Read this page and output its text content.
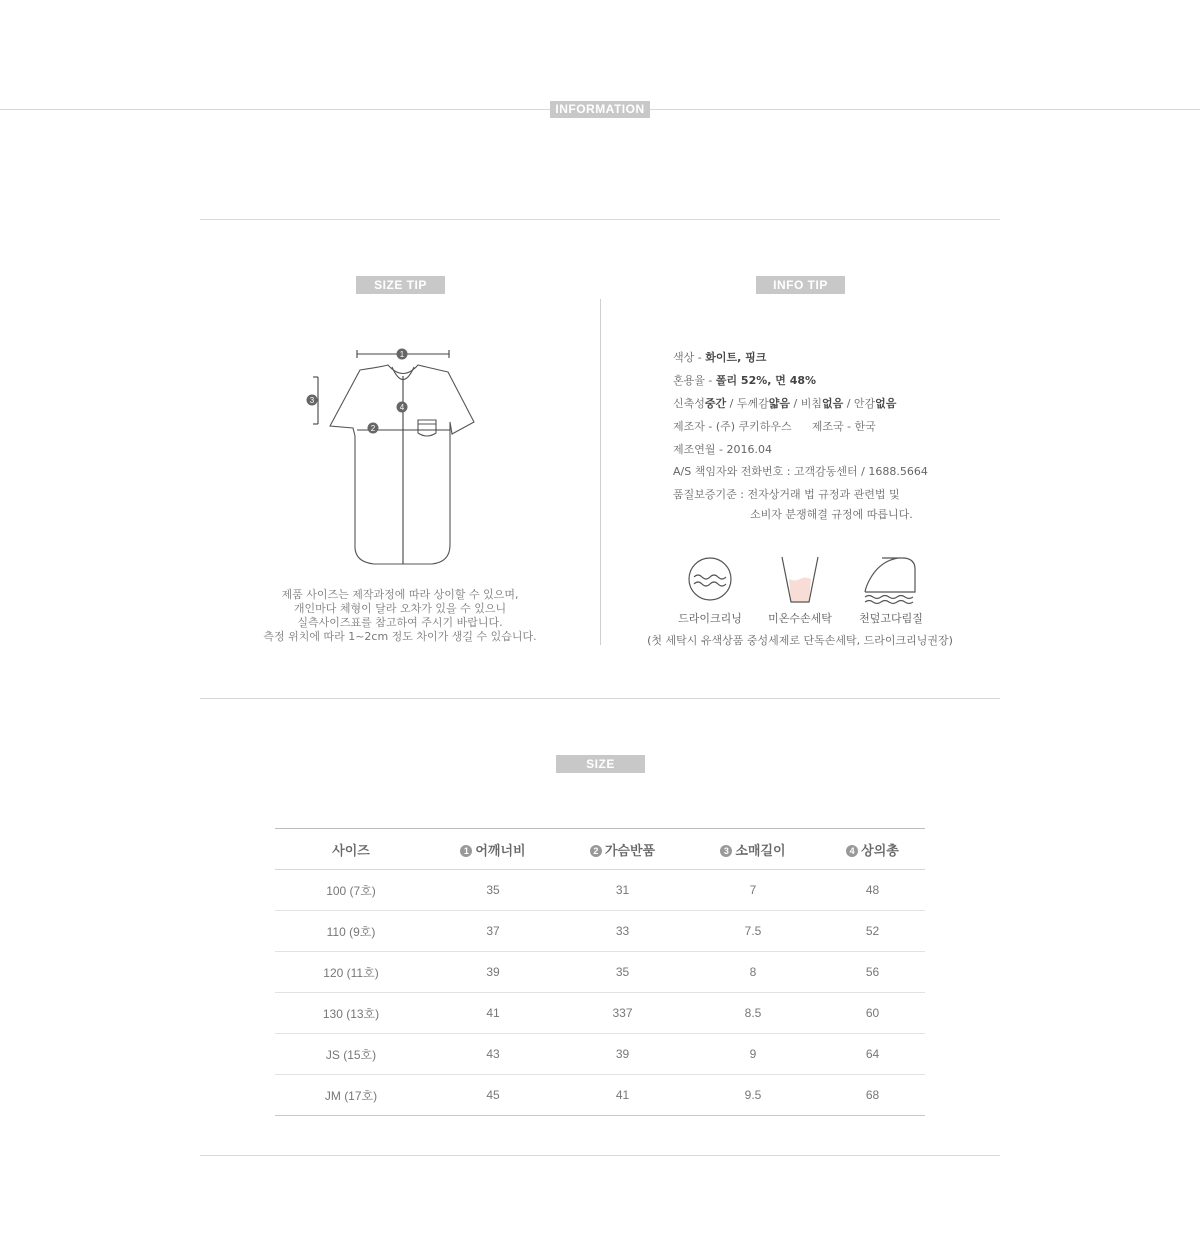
INFORMATION
SIZE TIP	INFO TIP
1
2
3
4
제품 사이즈는 제작과정에 따라 상이할 수 있으며,
개인마다 체형이 달라 오차가 있을 수 있으니
실측사이즈표를 참고하여 주시기 바랍니다.
측정 위치에 따라 1~2cm 정도 차이가 생길 수 있습니다.
색상 - 화이트, 핑크
혼용율 - 폴리 52%, 면 48%
신축성중간 / 두께감얇음 / 비침없음 / 안감없음
제조자 - (주) 쿠키하우스 제조국 - 한국
제조연월 - 2016.04
A/S 책임자와 전화번호 : 고객감동센터 / 1688.5664
품질보증기준 : 전자상거래 법 규정과 관련법 및
소비자 분쟁해결 규정에 따릅니다.
드라이크리닝	미온수손세탁	천덮고다림질
(첫 세탁시 유색상품 중성세제로 단독손세탁, 드라이크리닝권장)
SIZE
사이즈	1 어깨너비	2 가슴반품	3 소매길이	4 상의총
100 (7호)	35	31	7	48
110 (9호)	37	33	7.5	52
120 (11호)	39	35	8	56
130 (13호)	41	337	8.5	60
JS (15호)	43	39	9	64
JM (17호)	45	41	9.5	68
